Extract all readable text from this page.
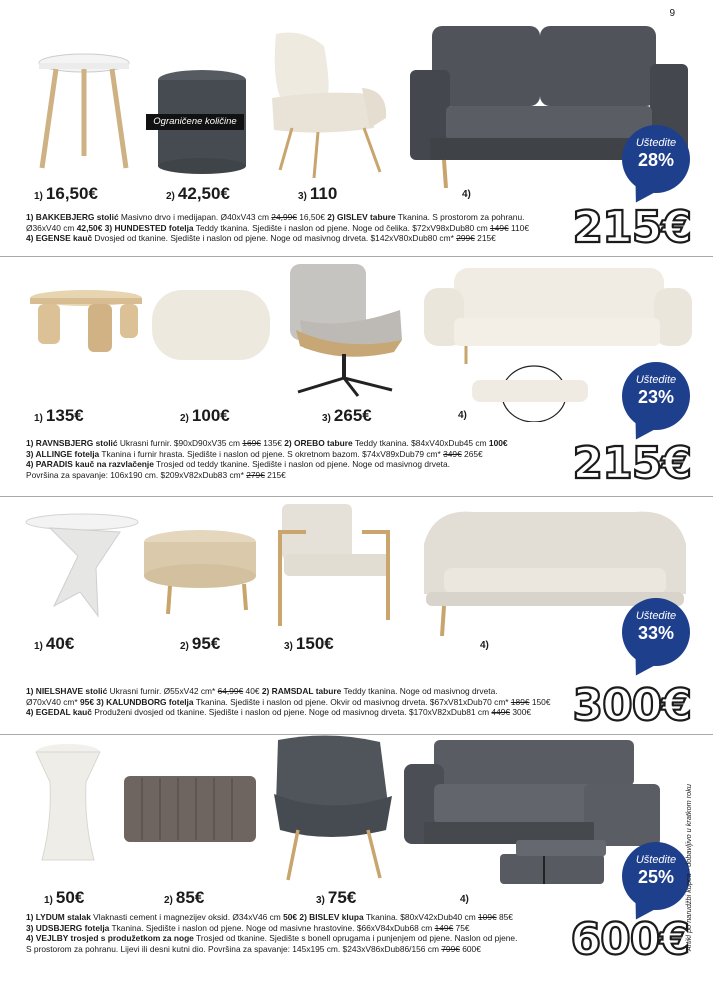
9
Ograničene količine
Uštedite
28%
1) 16,50€	2) 42,50€	3) 110	4)
1) BAKKEBJERG stolić Masivno drvo i medijapan. Ø40xV43 cm 24,99€ 16,50€ 2) GISLEV tabure Tkanina. S prostorom za pohranu.
Ø36xV40 cm 42,50€ 3) HUNDESTED fotelja Teddy tkanina. Sjedište i naslon od pjene. Noge od čelika. $72xV98xDub80 cm 149€ 110€
4) EGENSE kauč Dvosjed od tkanine. Sjedište i naslon od pjene. Noge od masivnog drveta. $142xV80xDub80 cm* 299€ 215€	215€
Uštedite
23%
1) 135€	2) 100€	3) 265€	4)
1) RAVNSBJERG stolić Ukrasni furnir. $90xD90xV35 cm 169€ 135€ 2) OREBO tabure Teddy tkanina. $84xV40xDub45 cm 100€
3) ALLINGE fotelja Tkanina i furnir hrasta. Sjedište i naslon od pjene. S okretnom bazom. $74xV89xDub79 cm* 349€ 265€
4) PARADIS kauč na razvlačenje Trosjed od teddy tkanine. Sjedište i naslon od pjene. Noge od masivnog drveta.
Površina za spavanje: 106x190 cm. $209xV82xDub83 cm* 279€ 215€	215€
Uštedite
33%
1) 40€	2) 95€	3) 150€	4)
1) NIELSHAVE stolić Ukrasni furnir. Ø55xV42 cm* 64,99€ 40€ 2) RAMSDAL tabure Teddy tkanina. Noge od masivnog drveta.
Ø70xV40 cm* 95€ 3) KALUNDBORG fotelja Tkanina. Sjedište i naslon od pjene. Okvir od masivnog drveta. $67xV81xDub70 cm* 189€ 150€
4) EGEDAL kauč Produženi dvosjed od tkanine. Sjedište i naslon od pjene. Noge od masivnog drveta. $170xV82xDub81 cm 449€ 300€ 300€
Uštedite
25%
1) 50€	2) 85€	3) 75€	4)
1) LYDUM stalak Vlaknasti cement i magnezijev oksid. Ø34xV46 cm 50€ 2) BISLEV klupa Tkanina. $80xV42xDub40 cm 109€ 85€
3) UDSBJERG fotelja Tkanina. Sjedište i naslon od pjene. Noge od masivne hrastovine. $66xV84xDub68 cm 149€ 75€
4) VEJLBY trosjed s produžetkom za noge Trosjed od tkanine. Sjedište s bonell oprugama i punjenjem od pjene. Naslon od pjene.
S prostorom za pohranu. Lijevi ili desni kutni dio. Površina za spavanje: 145x195 cm. $243xV86xDub86/156 cm 799€ 600€	600€
*Artikl po narudžbi kupca - dobavljivo u kratkom roku
